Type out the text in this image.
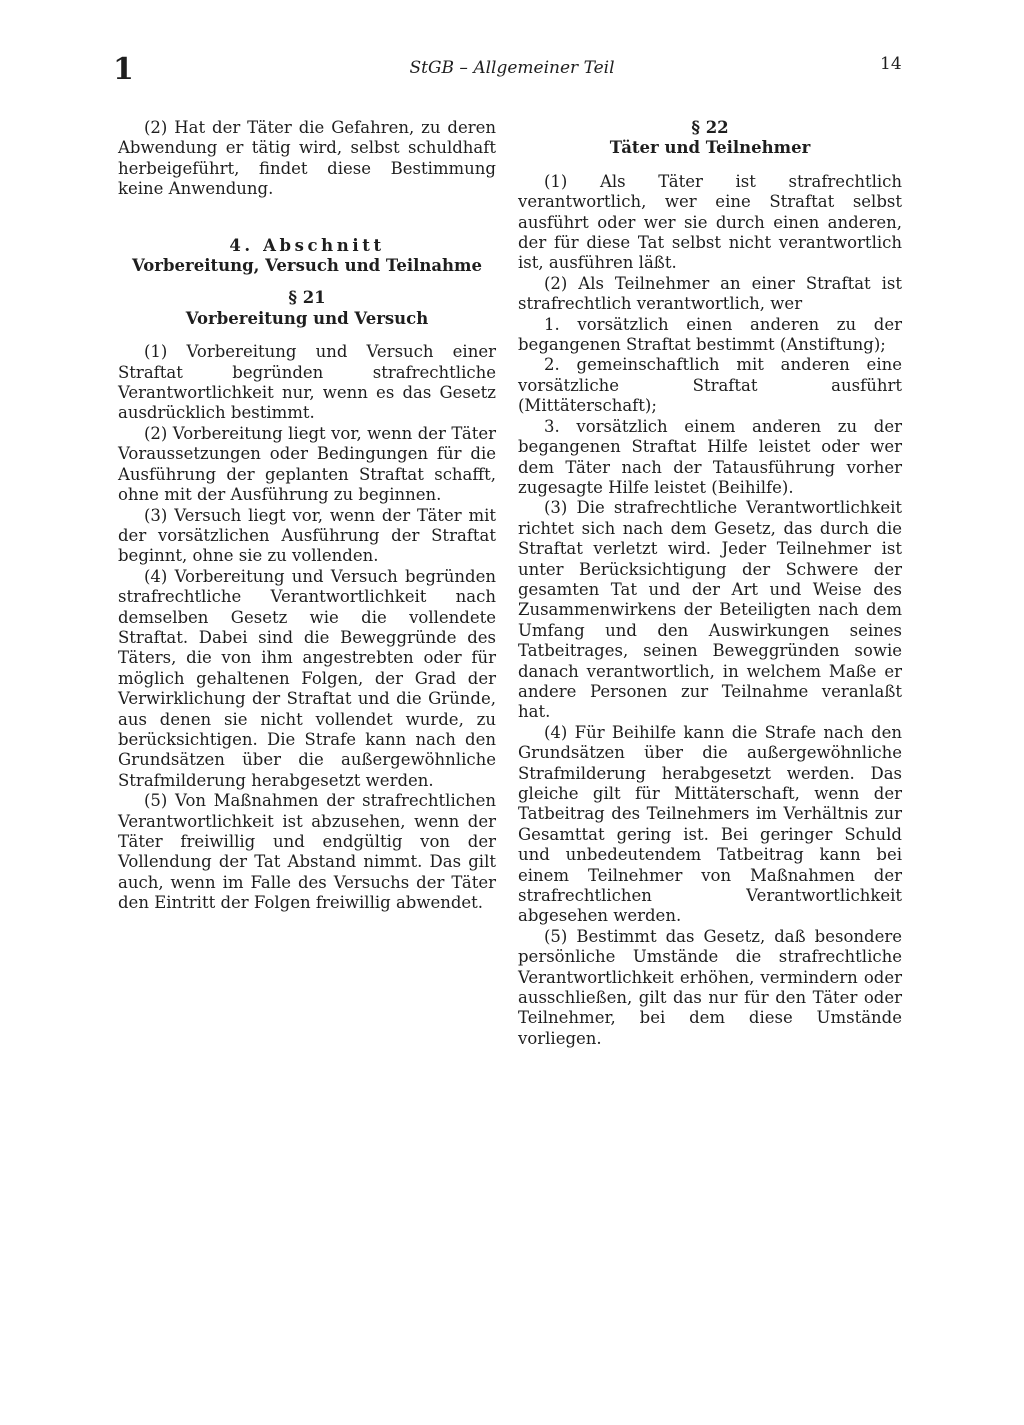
1	StGB – Allgemeiner Teil	14

(2) Hat der Täter die Gefahren, zu deren Abwendung er tätig wird, selbst schuldhaft herbeigeführt, findet diese Bestimmung keine Anwendung.

4. Abschnitt
Vorbereitung, Versuch und Teilnahme
§ 21
Vorbereitung und Versuch

(1) Vorbereitung und Versuch einer Straftat begründen strafrechtliche Verantwortlichkeit nur, wenn es das Gesetz ausdrücklich bestimmt.

(2) Vorbereitung liegt vor, wenn der Täter Voraussetzungen oder Bedingungen für die Ausführung der geplanten Straftat schafft, ohne mit der Ausführung zu beginnen.

(3) Versuch liegt vor, wenn der Täter mit der vorsätzlichen Ausführung der Straftat beginnt, ohne sie zu vollenden.

(4) Vorbereitung und Versuch begründen strafrechtliche Verantwortlichkeit nach demselben Gesetz wie die vollendete Straftat. Dabei sind die Beweggründe des Täters, die von ihm angestrebten oder für möglich gehaltenen Folgen, der Grad der Verwirklichung der Straftat und die Gründe, aus denen sie nicht vollendet wurde, zu berücksichtigen. Die Strafe kann nach den Grundsätzen über die außergewöhnliche Strafmilderung herabgesetzt werden.

(5) Von Maßnahmen der strafrechtlichen Verantwortlichkeit ist abzusehen, wenn der Täter freiwillig und endgültig von der Vollendung der Tat Abstand nimmt. Das gilt auch, wenn im Falle des Versuchs der Täter den Eintritt der Folgen freiwillig abwendet.

§ 22
Täter und Teilnehmer

(1) Als Täter ist strafrechtlich verantwortlich, wer eine Straftat selbst ausführt oder wer sie durch einen anderen, der für diese Tat selbst nicht verantwortlich ist, ausführen läßt.

(2) Als Teilnehmer an einer Straftat ist strafrechtlich verantwortlich, wer

1. vorsätzlich einen anderen zu der begangenen Straftat bestimmt (Anstiftung);

2. gemeinschaftlich mit anderen eine vorsätzliche Straftat ausführt (Mittäterschaft);

3. vorsätzlich einem anderen zu der begangenen Straftat Hilfe leistet oder wer dem Täter nach der Tatausführung vorher zugesagte Hilfe leistet (Beihilfe).

(3) Die strafrechtliche Verantwortlichkeit richtet sich nach dem Gesetz, das durch die Straftat verletzt wird. Jeder Teilnehmer ist unter Berücksichtigung der Schwere der gesamten Tat und der Art und Weise des Zusammenwirkens der Beteiligten nach dem Umfang und den Auswirkungen seines Tatbeitrages, seinen Beweggründen sowie danach verantwortlich, in welchem Maße er andere Personen zur Teilnahme veranlaßt hat.

(4) Für Beihilfe kann die Strafe nach den Grundsätzen über die außergewöhnliche Strafmilderung herabgesetzt werden. Das gleiche gilt für Mittäterschaft, wenn der Tatbeitrag des Teilnehmers im Verhältnis zur Gesamttat gering ist. Bei geringer Schuld und unbedeutendem Tatbeitrag kann bei einem Teilnehmer von Maßnahmen der strafrechtlichen Verantwortlichkeit abgesehen werden.

(5) Bestimmt das Gesetz, daß besondere persönliche Umstände die strafrechtliche Verantwortlichkeit erhöhen, vermindern oder ausschließen, gilt das nur für den Täter oder Teilnehmer, bei dem diese Umstände vorliegen.
